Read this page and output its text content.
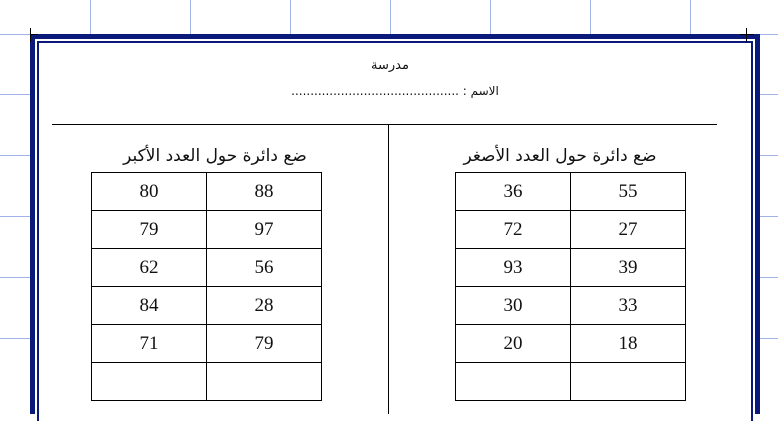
مدرسة
الاسم : ............................................
ضع دائرة حول العدد الأكبر
80	88
79	97
62	56
84	28
71	79

ضع دائرة حول العدد الأصغر
36	55
72	27
93	39
30	33
20	18
